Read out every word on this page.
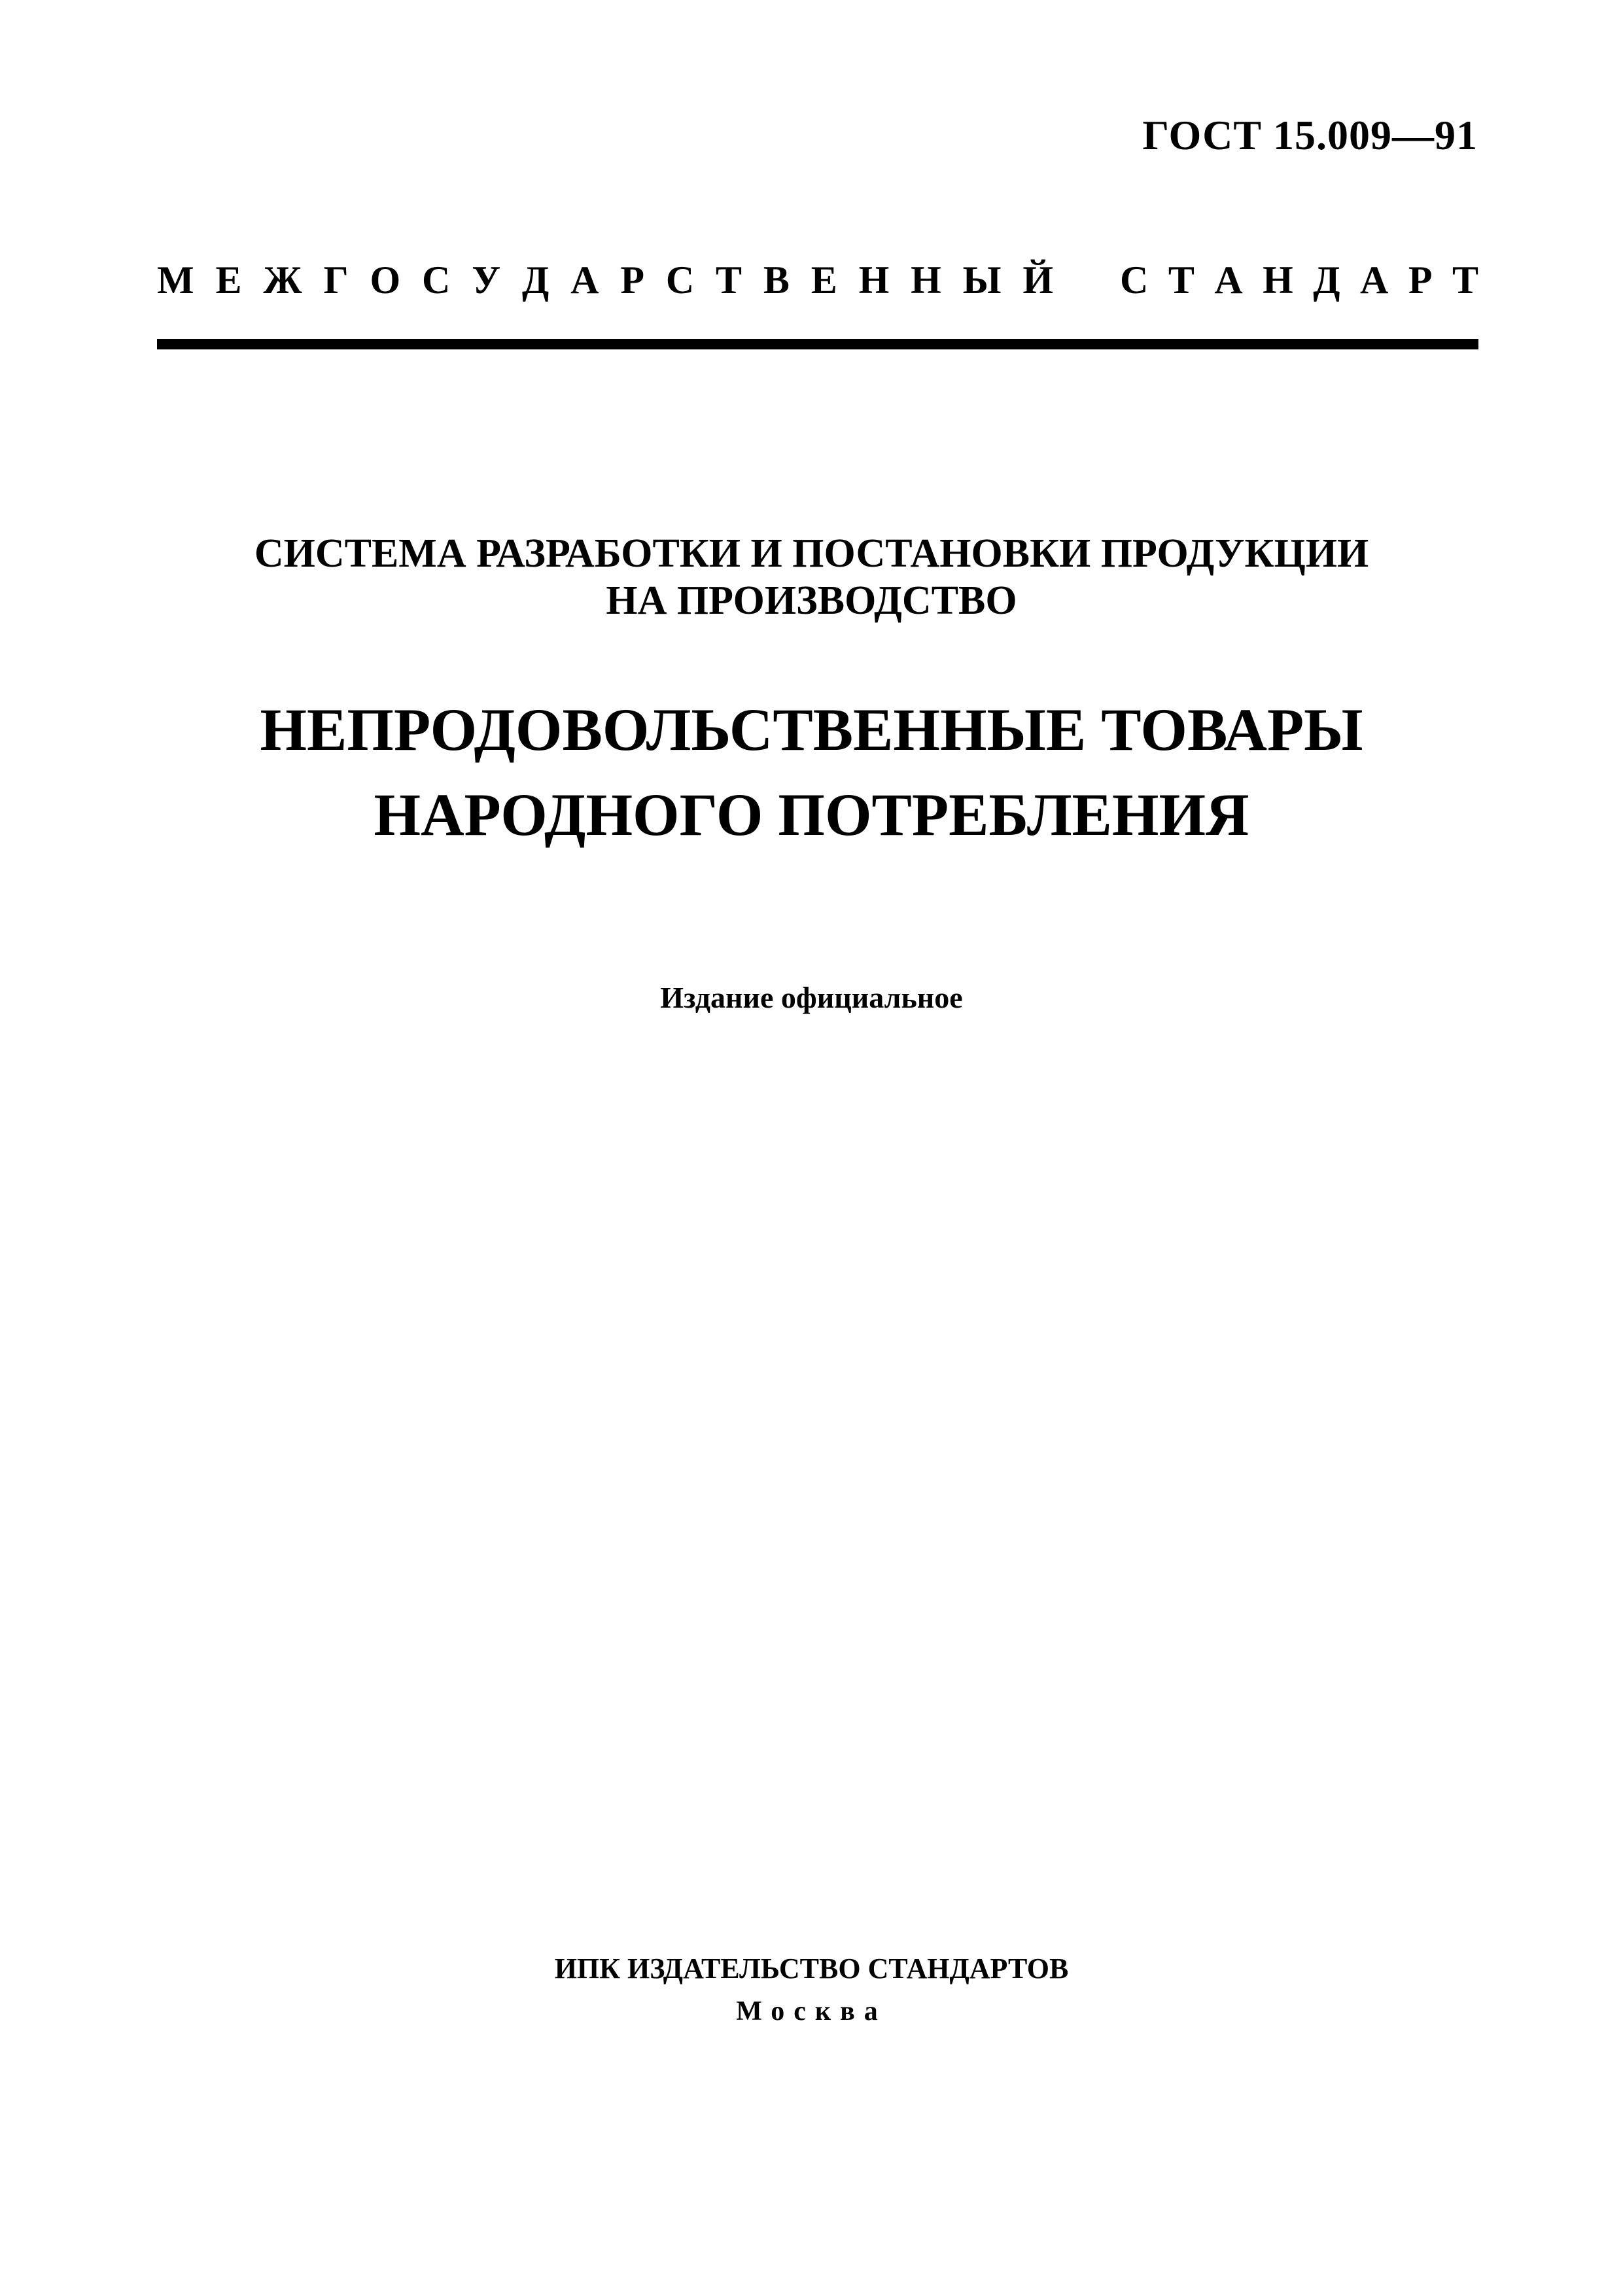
ГОСТ 15.009—91
М Е Ж Г О С У Д А Р С Т В Е Н Н Ы Й С Т А Н Д А Р Т
СИСТЕМА РАЗРАБОТКИ И ПОСТАНОВКИ ПРОДУКЦИИ
НА ПРОИЗВОДСТВО
НЕПРОДОВОЛЬСТВЕННЫЕ ТОВАРЫ
НАРОДНОГО ПОТРЕБЛЕНИЯ
Издание официальное
ИПК ИЗДАТЕЛЬСТВО СТАНДАРТОВ
Москва
